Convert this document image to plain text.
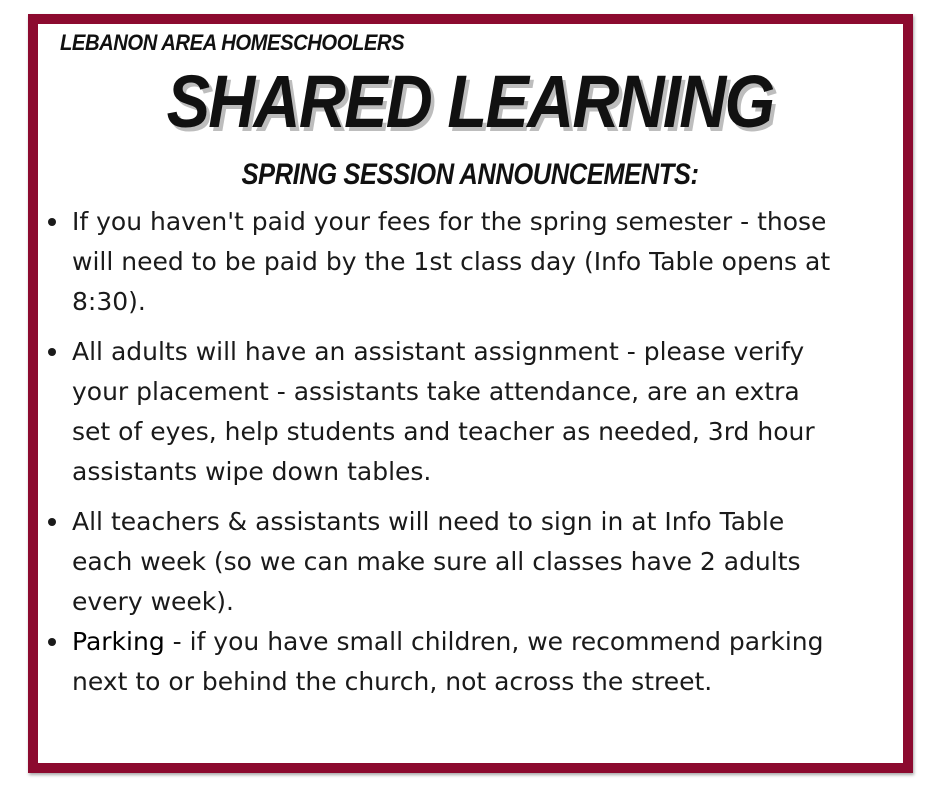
LEBANON AREA HOMESCHOOLERS
SHARED LEARNING
SPRING SESSION ANNOUNCEMENTS:
If you haven't paid your fees for the spring semester - those will need to be paid by the 1st class day (Info Table opens at 8:30).
All adults will have an assistant assignment - please verify your placement - assistants take attendance, are an extra set of eyes, help students and teacher as needed, 3rd hour assistants wipe down tables.
All teachers & assistants will need to sign in at Info Table each week (so we can make sure all classes have 2 adults every week).
Parking - if you have small children, we recommend parking next to or behind the church, not across the street.
